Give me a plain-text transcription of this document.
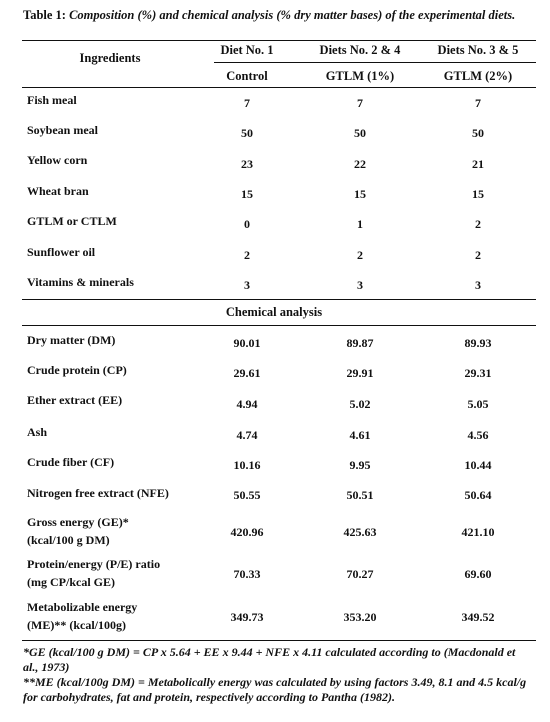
Table 1: Composition (%) and chemical analysis (% dry matter bases) of the experimental diets.
Ingredients
Diet No. 1	Diets No. 2 & 4	Diets No. 3 & 5
Control	GTLM (1%)	GTLM (2%)
Fish meal	7	7	7
Soybean meal	50	50	50
Yellow corn	23	22	21
Wheat bran	15	15	15
GTLM or CTLM	0	1	2
Sunflower oil	2	2	2
Vitamins & minerals	3	3	3
Chemical analysis
Dry matter (DM)	90.01	89.87	89.93
Crude protein (CP)	29.61	29.91	29.31
Ether extract (EE)	4.94	5.02	5.05
Ash	4.74	4.61	4.56
Crude fiber (CF)	10.16	9.95	10.44
Nitrogen free extract (NFE)	50.55	50.51	50.64
Gross energy (GE)*
(kcal/100 g DM)
420.96	425.63	421.10
Protein/energy (P/E) ratio
(mg CP/kcal GE)
70.33	70.27	69.60
Metabolizable energy
(ME)** (kcal/100g)
349.73	353.20	349.52

*GE (kcal/100 g DM) = CP x 5.64 + EE x 9.44 + NFE x 4.11 calculated according to (Macdonald et al., 1973)

**ME (kcal/100g DM) = Metabolically energy was calculated by using factors 3.49, 8.1 and 4.5 kcal/g for carbohydrates, fat and protein, respectively according to Pantha (1982).
